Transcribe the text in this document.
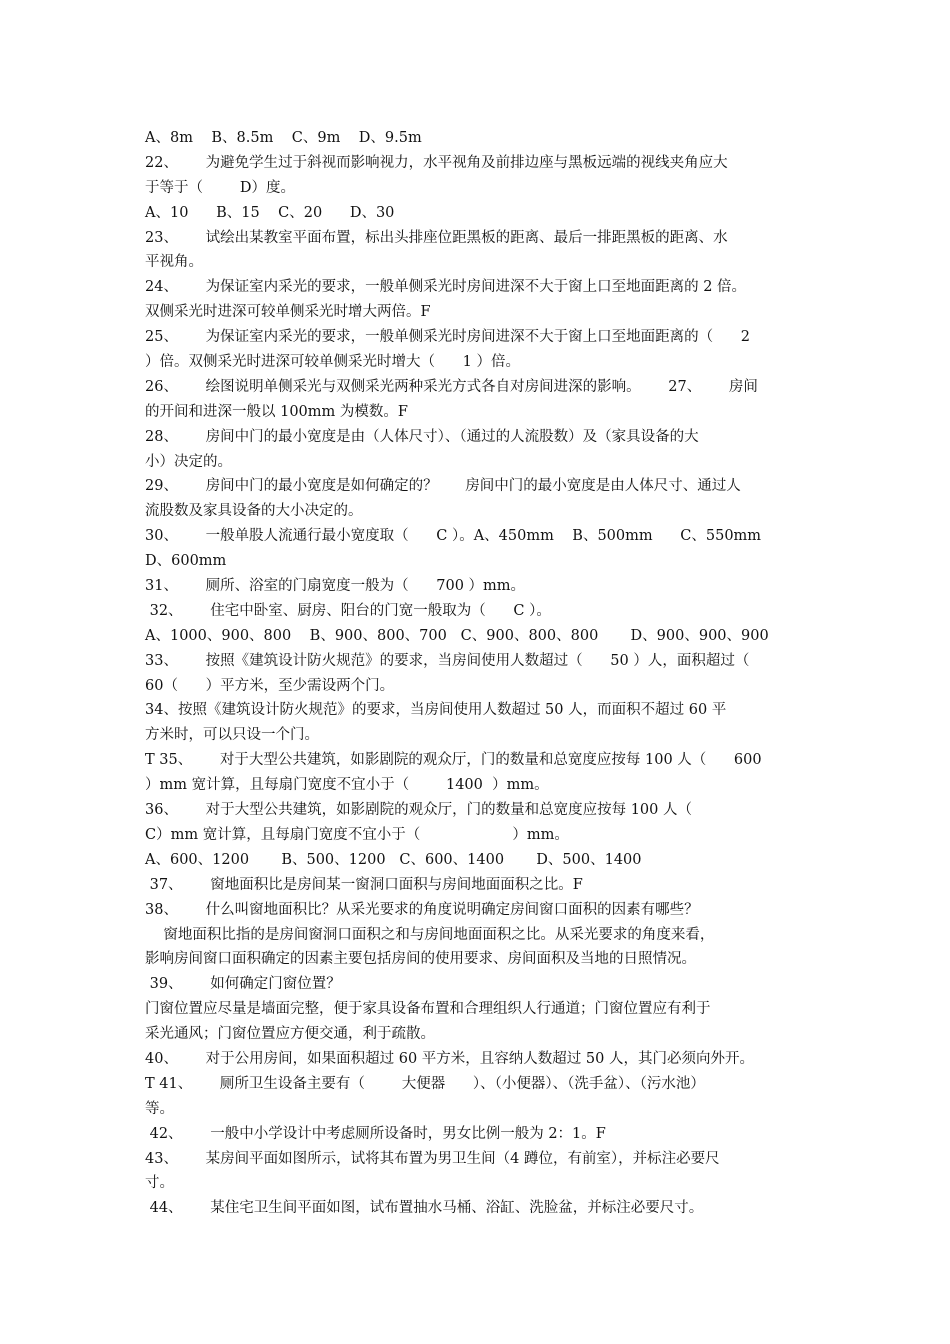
A、8m    B、8.5m    C、9m    D、9.5m
22、      为避免学生过于斜视而影响视力，水平视角及前排边座与黑板远端的视线夹角应大
于等于（        D）度。
A、10      B、15    C、20      D、30
23、      试绘出某教室平面布置，标出头排座位距黑板的距离、最后一排距黑板的距离、水
平视角。
24、      为保证室内采光的要求，一般单侧采光时房间进深不大于窗上口至地面距离的 2 倍。
双侧采光时进深可较单侧采光时增大两倍。F
25、      为保证室内采光的要求，一般单侧采光时房间进深不大于窗上口至地面距离的（      2
）倍。双侧采光时进深可较单侧采光时增大（      1 ）倍。
26、      绘图说明单侧采光与双侧采光两种采光方式各自对房间进深的影响。      27、      房间
的开间和进深一般以 100mm 为模数。F
28、      房间中门的最小宽度是由（人体尺寸）、（通过的人流股数）及（家具设备的大
小）决定的。
29、      房间中门的最小宽度是如何确定的？      房间中门的最小宽度是由人体尺寸、通过人
流股数及家具设备的大小决定的。
30、      一般单股人流通行最小宽度取（      C ）。A、450mm    B、500mm      C、550mm
D、600mm
31、      厕所、浴室的门扇宽度一般为（      700 ）mm。
32、      住宅中卧室、厨房、阳台的门宽一般取为（      C ）。
A、1000、900、800    B、900、800、700   C、900、800、800       D、900、900、900
33、      按照《建筑设计防火规范》的要求，当房间使用人数超过（      50 ）人，面积超过（
60（      ）平方米，至少需设两个门。
34、按照《建筑设计防火规范》的要求，当房间使用人数超过 50 人，而面积不超过 60 平
方米时，可以只设一个门。
T 35、      对于大型公共建筑，如影剧院的观众厅，门的数量和总宽度应按每 100 人（      600
）mm 宽计算，且每扇门宽度不宜小于（        1400  ）mm。
36、      对于大型公共建筑，如影剧院的观众厅，门的数量和总宽度应按每 100 人（
C）mm 宽计算，且每扇门宽度不宜小于（                    ）mm。
A、600、1200       B、500、1200   C、600、1400       D、500、1400
37、      窗地面积比是房间某一窗洞口面积与房间地面面积之比。F
38、      什么叫窗地面积比？从采光要求的角度说明确定房间窗口面积的因素有哪些？
窗地面积比指的是房间窗洞口面积之和与房间地面面积之比。从采光要求的角度来看，
影响房间窗口面积确定的因素主要包括房间的使用要求、房间面积及当地的日照情况。
39、      如何确定门窗位置？
门窗位置应尽量是墙面完整，便于家具设备布置和合理组织人行通道；门窗位置应有利于
采光通风；门窗位置应方便交通，利于疏散。
40、      对于公用房间，如果面积超过 60 平方米，且容纳人数超过 50 人，其门必须向外开。
T 41、      厕所卫生设备主要有（        大便器      ）、（小便器）、（洗手盆）、（污水池）
等。
42、      一般中小学设计中考虑厕所设备时，男女比例一般为 2：1。F
43、      某房间平面如图所示，试将其布置为男卫生间（4 蹲位，有前室），并标注必要尺
寸。
44、      某住宅卫生间平面如图，试布置抽水马桶、浴缸、洗脸盆，并标注必要尺寸。
